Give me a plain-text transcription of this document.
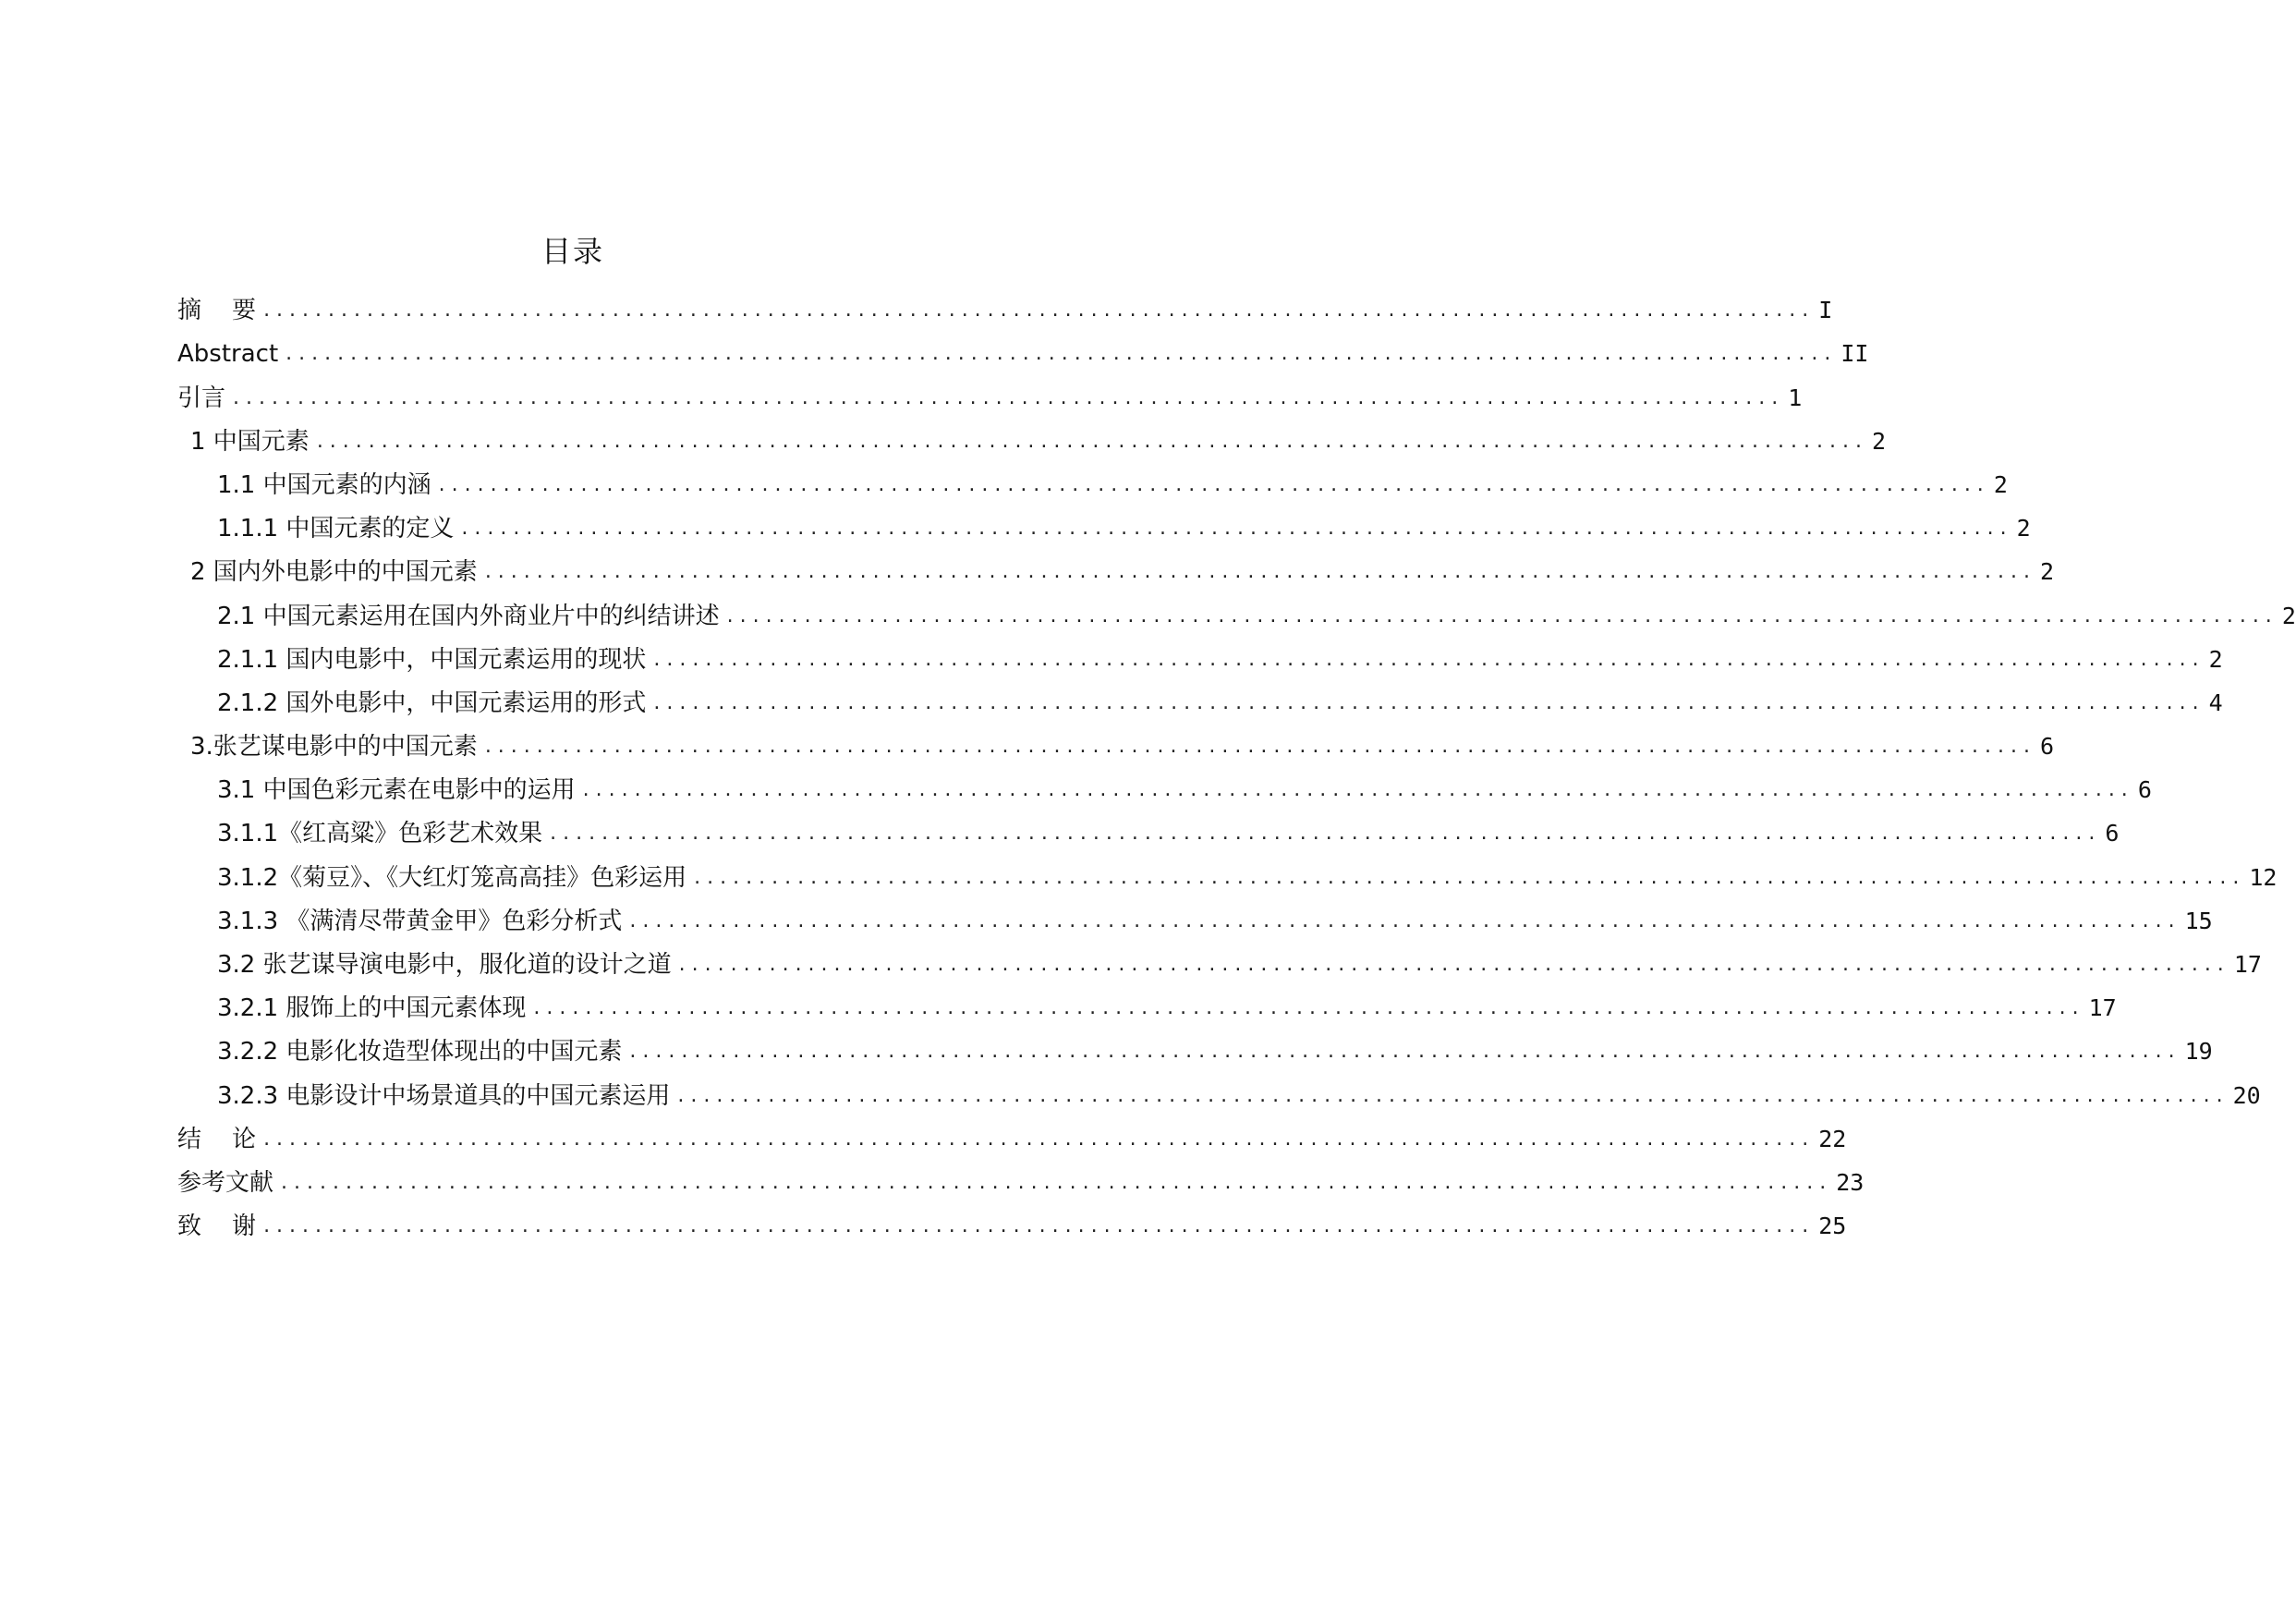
目录
摘    要 ........................................................................................................................ I
Abstract ........................................................................................................................ II
引言 ........................................................................................................................ 1
1 中国元素 ........................................................................................................................ 2
1.1 中国元素的内涵 ........................................................................................................................ 2
1.1.1 中国元素的定义 ........................................................................................................................ 2
2 国内外电影中的中国元素 ........................................................................................................................ 2
2.1 中国元素运用在国内外商业片中的纠结讲述 ........................................................................................................................ 2
2.1.1 国内电影中，中国元素运用的现状 ........................................................................................................................ 2
2.1.2 国外电影中，中国元素运用的形式 ........................................................................................................................ 4
3.张艺谋电影中的中国元素 ........................................................................................................................ 6
3.1 中国色彩元素在电影中的运用 ........................................................................................................................ 6
3.1.1《红高粱》色彩艺术效果 ........................................................................................................................ 6
3.1.2《菊豆》、《大红灯笼高高挂》色彩运用 ........................................................................................................................ 12
3.1.3 《满清尽带黄金甲》色彩分析式 ........................................................................................................................ 15
3.2 张艺谋导演电影中，服化道的设计之道 ........................................................................................................................ 17
3.2.1 服饰上的中国元素体现 ........................................................................................................................ 17
3.2.2 电影化妆造型体现出的中国元素 ........................................................................................................................ 19
3.2.3 电影设计中场景道具的中国元素运用 ........................................................................................................................ 20
结    论 ........................................................................................................................ 22
参考文献 ........................................................................................................................ 23
致    谢 ........................................................................................................................ 25
